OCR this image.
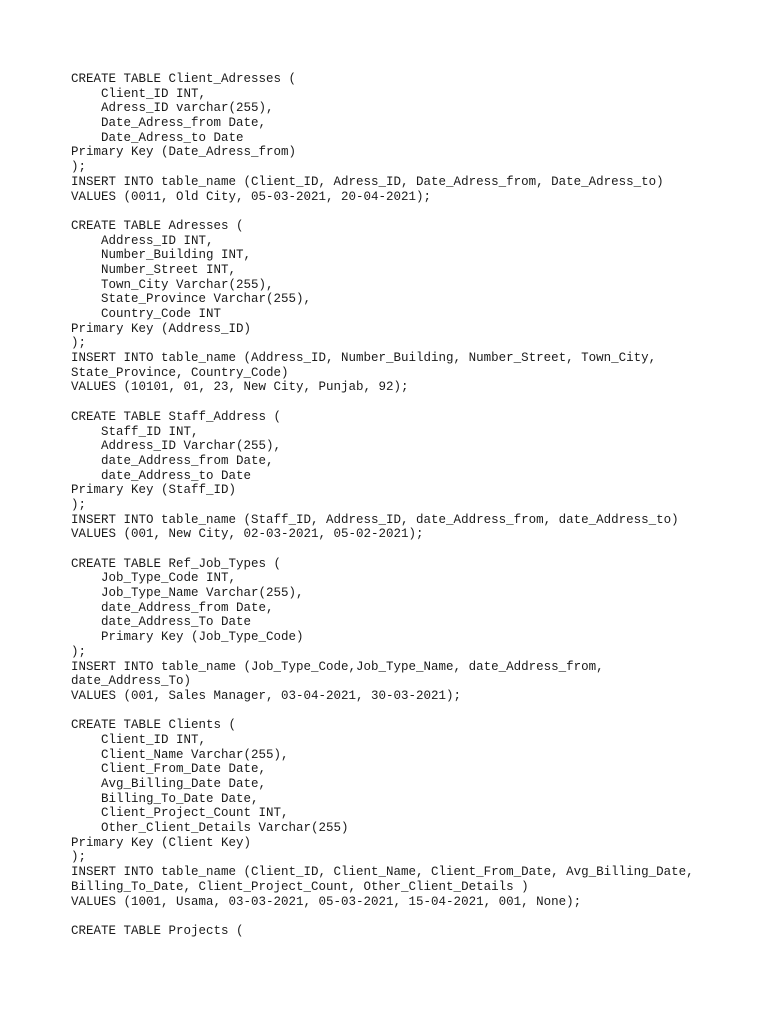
CREATE TABLE Client_Adresses (
Client_ID INT,
Adress_ID varchar(255),
Date_Adress_from Date,
Date_Adress_to Date
Primary Key (Date_Adress_from)
);
INSERT INTO table_name (Client_ID, Adress_ID, Date_Adress_from, Date_Adress_to)
VALUES (0011, Old City, 05-03-2021, 20-04-2021);
CREATE TABLE Adresses (
Address_ID INT,
Number_Building INT,
Number_Street INT,
Town_City Varchar(255),
State_Province Varchar(255),
Country_Code INT
Primary Key (Address_ID)
);
INSERT INTO table_name (Address_ID, Number_Building, Number_Street, Town_City,
State_Province, Country_Code)
VALUES (10101, 01, 23, New City, Punjab, 92);
CREATE TABLE Staff_Address (
Staff_ID INT,
Address_ID Varchar(255),
date_Address_from Date,
date_Address_to Date
Primary Key (Staff_ID)
);
INSERT INTO table_name (Staff_ID, Address_ID, date_Address_from, date_Address_to)
VALUES (001, New City, 02-03-2021, 05-02-2021);
CREATE TABLE Ref_Job_Types (
Job_Type_Code INT,
Job_Type_Name Varchar(255),
date_Address_from Date,
date_Address_To Date
Primary Key (Job_Type_Code)
);
INSERT INTO table_name (Job_Type_Code,Job_Type_Name, date_Address_from,
date_Address_To)
VALUES (001, Sales Manager, 03-04-2021, 30-03-2021);
CREATE TABLE Clients (
Client_ID INT,
Client_Name Varchar(255),
Client_From_Date Date,
Avg_Billing_Date Date,
Billing_To_Date Date,
Client_Project_Count INT,
Other_Client_Details Varchar(255)
Primary Key (Client Key)
);
INSERT INTO table_name (Client_ID, Client_Name, Client_From_Date, Avg_Billing_Date,
Billing_To_Date, Client_Project_Count, Other_Client_Details )
VALUES (1001, Usama, 03-03-2021, 05-03-2021, 15-04-2021, 001, None);
CREATE TABLE Projects (
